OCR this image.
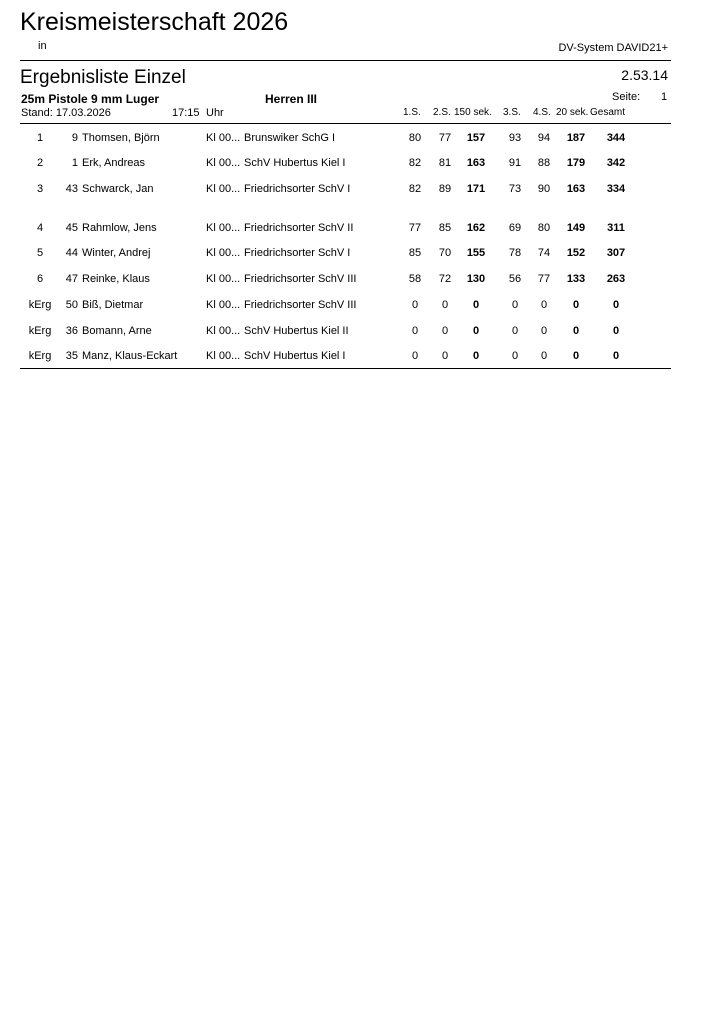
Kreismeisterschaft 2026
in	DV-System DAVID21+
Ergebnisliste Einzel	2.53.14
25m Pistole 9 mm Luger	Herren III	Seite: 1
Stand: 17.03.2026	17:15 Uhr	1.S. 2.S. 150 sek. 3.S. 4.S. 20 sek. Gesamt
1	9 Thomsen, Björn	Kl 00... Brunswiker SchG I	80	77	157	93	94	187	344
2	1 Erk, Andreas	Kl 00... SchV Hubertus Kiel I	82	81	163	91	88	179	342
3	43 Schwarck, Jan	Kl 00... Friedrichsorter SchV I	82	89	171	73	90	163	334
4	45 Rahmlow, Jens	Kl 00... Friedrichsorter SchV II	77	85	162	69	80	149	311
5	44 Winter, Andrej	Kl 00... Friedrichsorter SchV I	85	70	155	78	74	152	307
6	47 Reinke, Klaus	Kl 00... Friedrichsorter SchV III	58	72	130	56	77	133	263
kErg	50 Biß, Dietmar	Kl 00... Friedrichsorter SchV III	0	0	0	0	0	0	0
kErg	36 Bomann, Arne	Kl 00... SchV Hubertus Kiel II	0	0	0	0	0	0	0
kErg	35 Manz, Klaus-Eckart	Kl 00... SchV Hubertus Kiel I	0	0	0	0	0	0	0
